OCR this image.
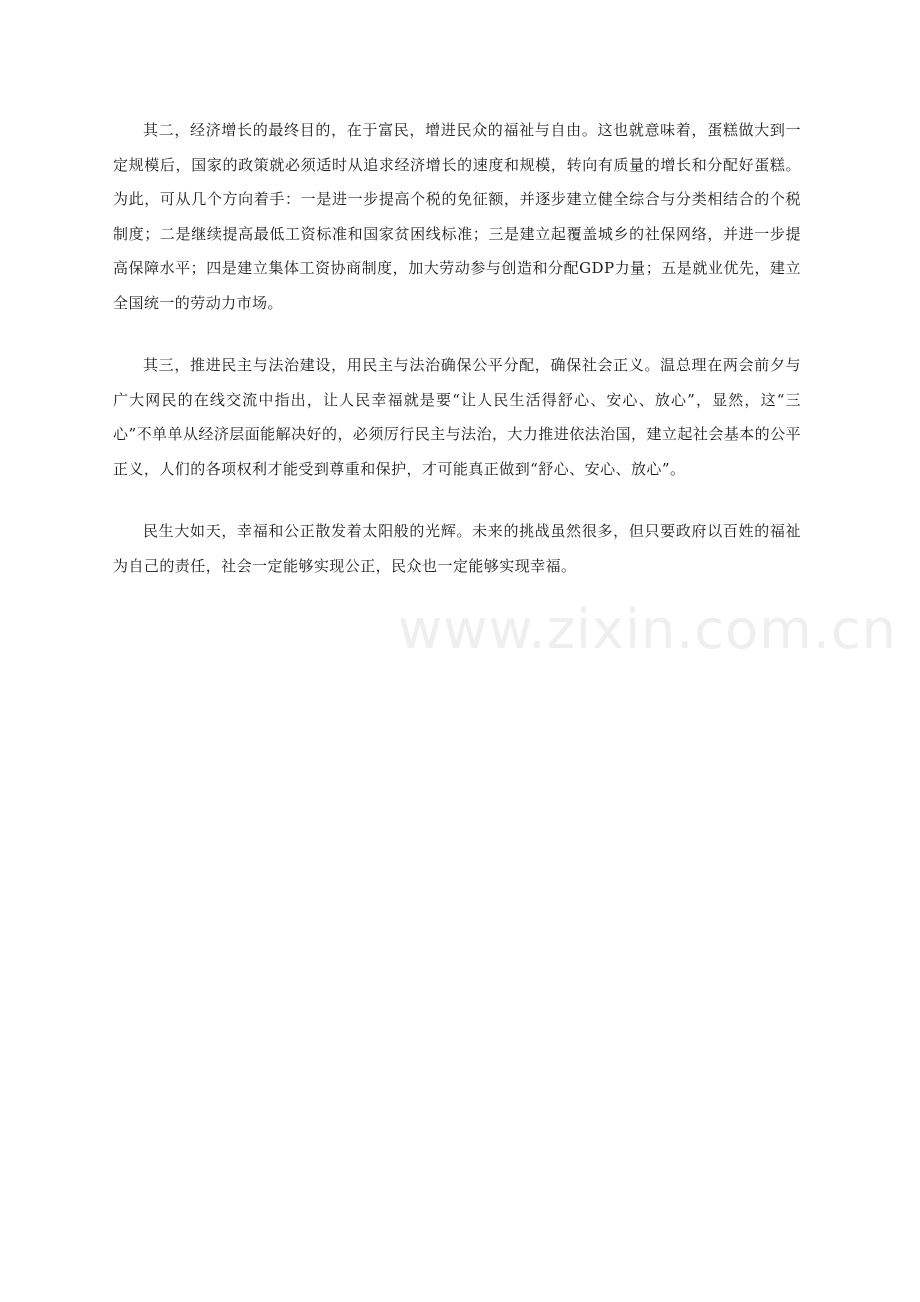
其二，经济增长的最终目的，在于富民，增进民众的福祉与自由。这也就意味着，蛋糕做大到一定规模后，国家的政策就必须适时从追求经济增长的速度和规模，转向有质量的增长和分配好蛋糕。为此，可从几个方向着手：一是进一步提高个税的免征额，并逐步建立健全综合与分类相结合的个税制度；二是继续提高最低工资标准和国家贫困线标准；三是建立起覆盖城乡的社保网络，并进一步提高保障水平；四是建立集体工资协商制度，加大劳动参与创造和分配GDP力量；五是就业优先，建立全国统一的劳动力市场。

其三，推进民主与法治建设，用民主与法治确保公平分配，确保社会正义。温总理在两会前夕与广大网民的在线交流中指出，让人民幸福就是要“让人民生活得舒心、安心、放心”，显然，这“三心”不单单从经济层面能解决好的，必须厉行民主与法治，大力推进依法治国，建立起社会基本的公平正义，人们的各项权利才能受到尊重和保护，才可能真正做到“舒心、安心、放心”。

民生大如天，幸福和公正散发着太阳般的光辉。未来的挑战虽然很多，但只要政府以百姓的福祉为自己的责任，社会一定能够实现公正，民众也一定能够实现幸福。

www.zixin.com.cn
